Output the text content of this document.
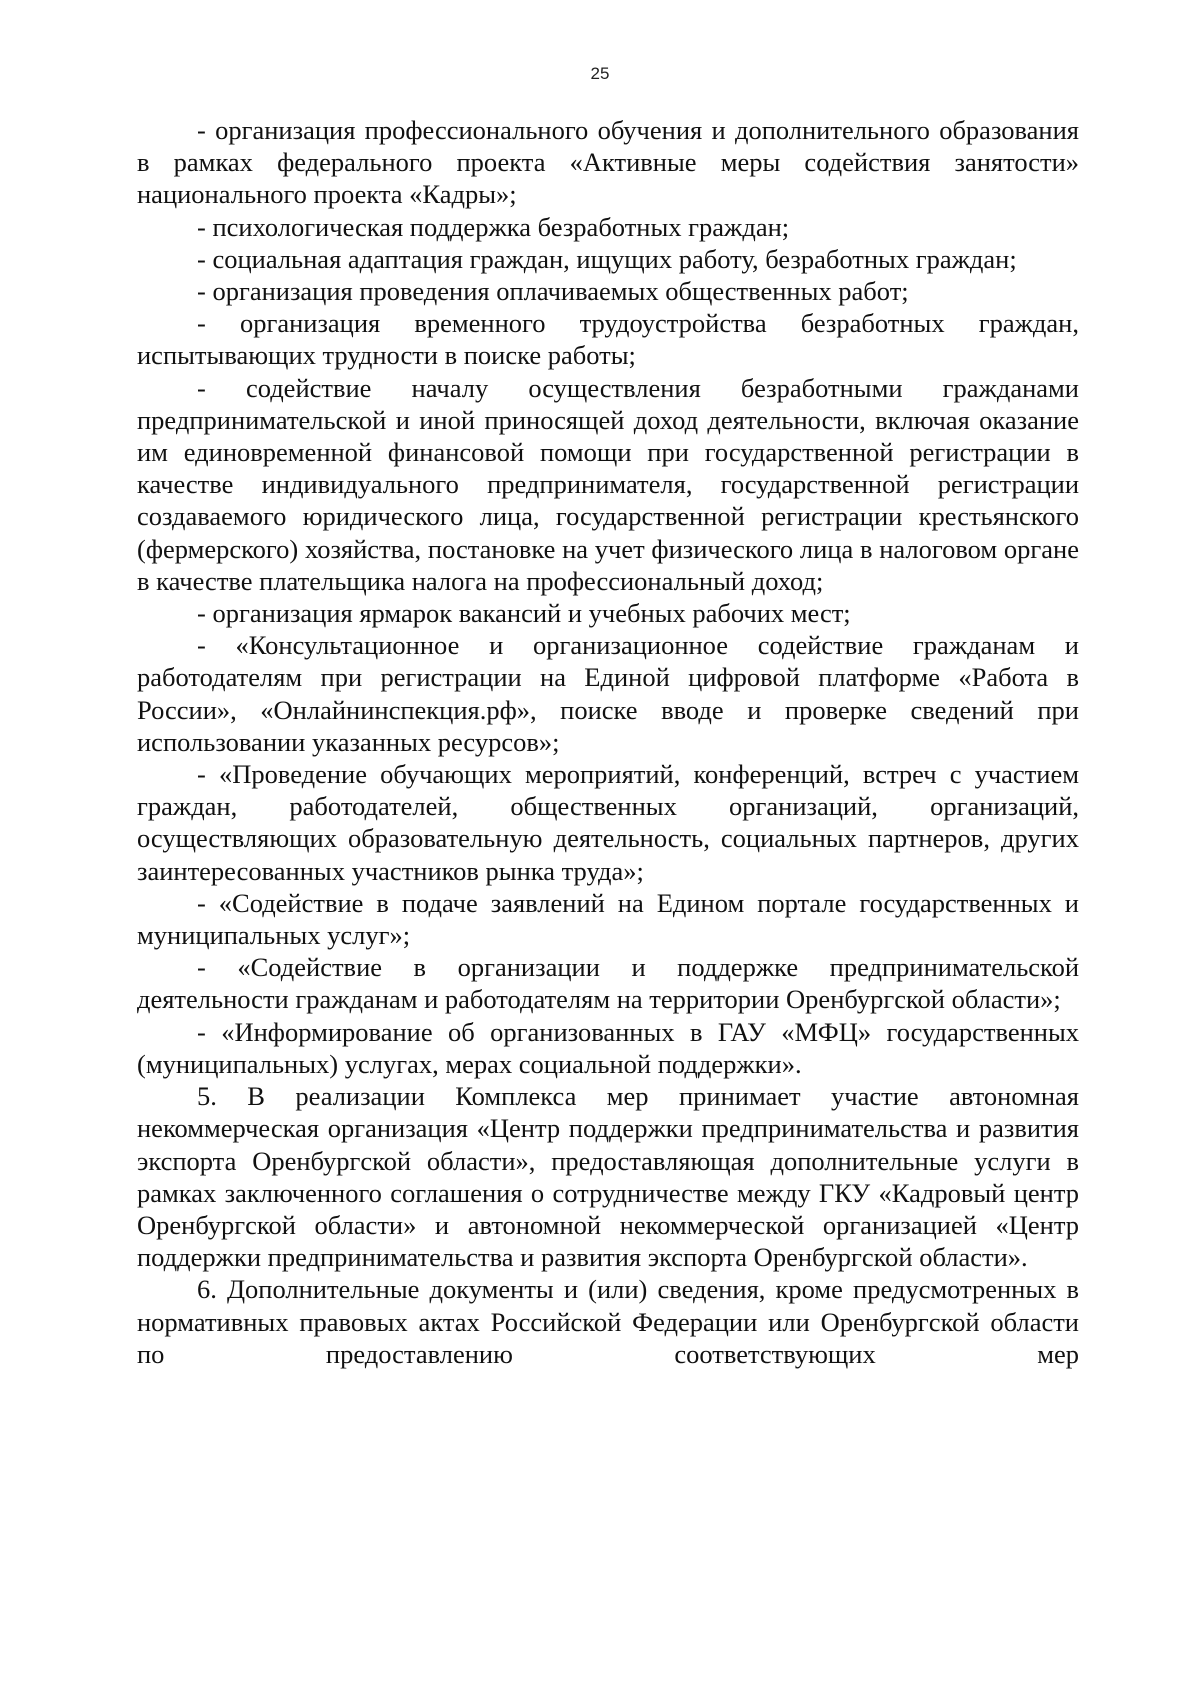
25

- организация профессионального обучения и дополнительного образования в рамках федерального проекта «Активные меры содействия занятости» национального проекта «Кадры»;

- психологическая поддержка безработных граждан;

- социальная адаптация граждан, ищущих работу, безработных граждан;

- организация проведения оплачиваемых общественных работ;

- организация временного трудоустройства безработных граждан, испытывающих трудности в поиске работы;

- содействие началу осуществления безработными гражданами предпринимательской и иной приносящей доход деятельности, включая оказание им единовременной финансовой помощи при государственной регистрации в качестве индивидуального предпринимателя, государственной регистрации создаваемого юридического лица, государственной регистрации крестьянского (фермерского) хозяйства, постановке на учет физического лица в налоговом органе в качестве плательщика налога на профессиональный доход;

- организация ярмарок вакансий и учебных рабочих мест;

- «Консультационное и организационное содействие гражданам и работодателям при регистрации на Единой цифровой платформе «Работа в России», «Онлайнинспекция.рф», поиске вводе и проверке сведений при использовании указанных ресурсов»;

- «Проведение обучающих мероприятий, конференций, встреч с участием граждан, работодателей, общественных организаций, организаций, осуществляющих образовательную деятельность, социальных партнеров, других заинтересованных участников рынка труда»;

- «Содействие в подаче заявлений на Едином портале государственных и муниципальных услуг»;

- «Содействие в организации и поддержке предпринимательской деятельности гражданам и работодателям на территории Оренбургской области»;

- «Информирование об организованных в ГАУ «МФЦ» государственных (муниципальных) услугах, мерах социальной поддержки».

5. В реализации Комплекса мер принимает участие автономная некоммерческая организация «Центр поддержки предпринимательства и развития экспорта Оренбургской области», предоставляющая дополнительные услуги в рамках заключенного соглашения о сотрудничестве между ГКУ «Кадровый центр Оренбургской области» и автономной некоммерческой организацией «Центр поддержки предпринимательства и развития экспорта Оренбургской области».

6. Дополнительные документы и (или) сведения, кроме предусмотренных в нормативных правовых актах Российской Федерации или Оренбургской области по предоставлению соответствующих мер
